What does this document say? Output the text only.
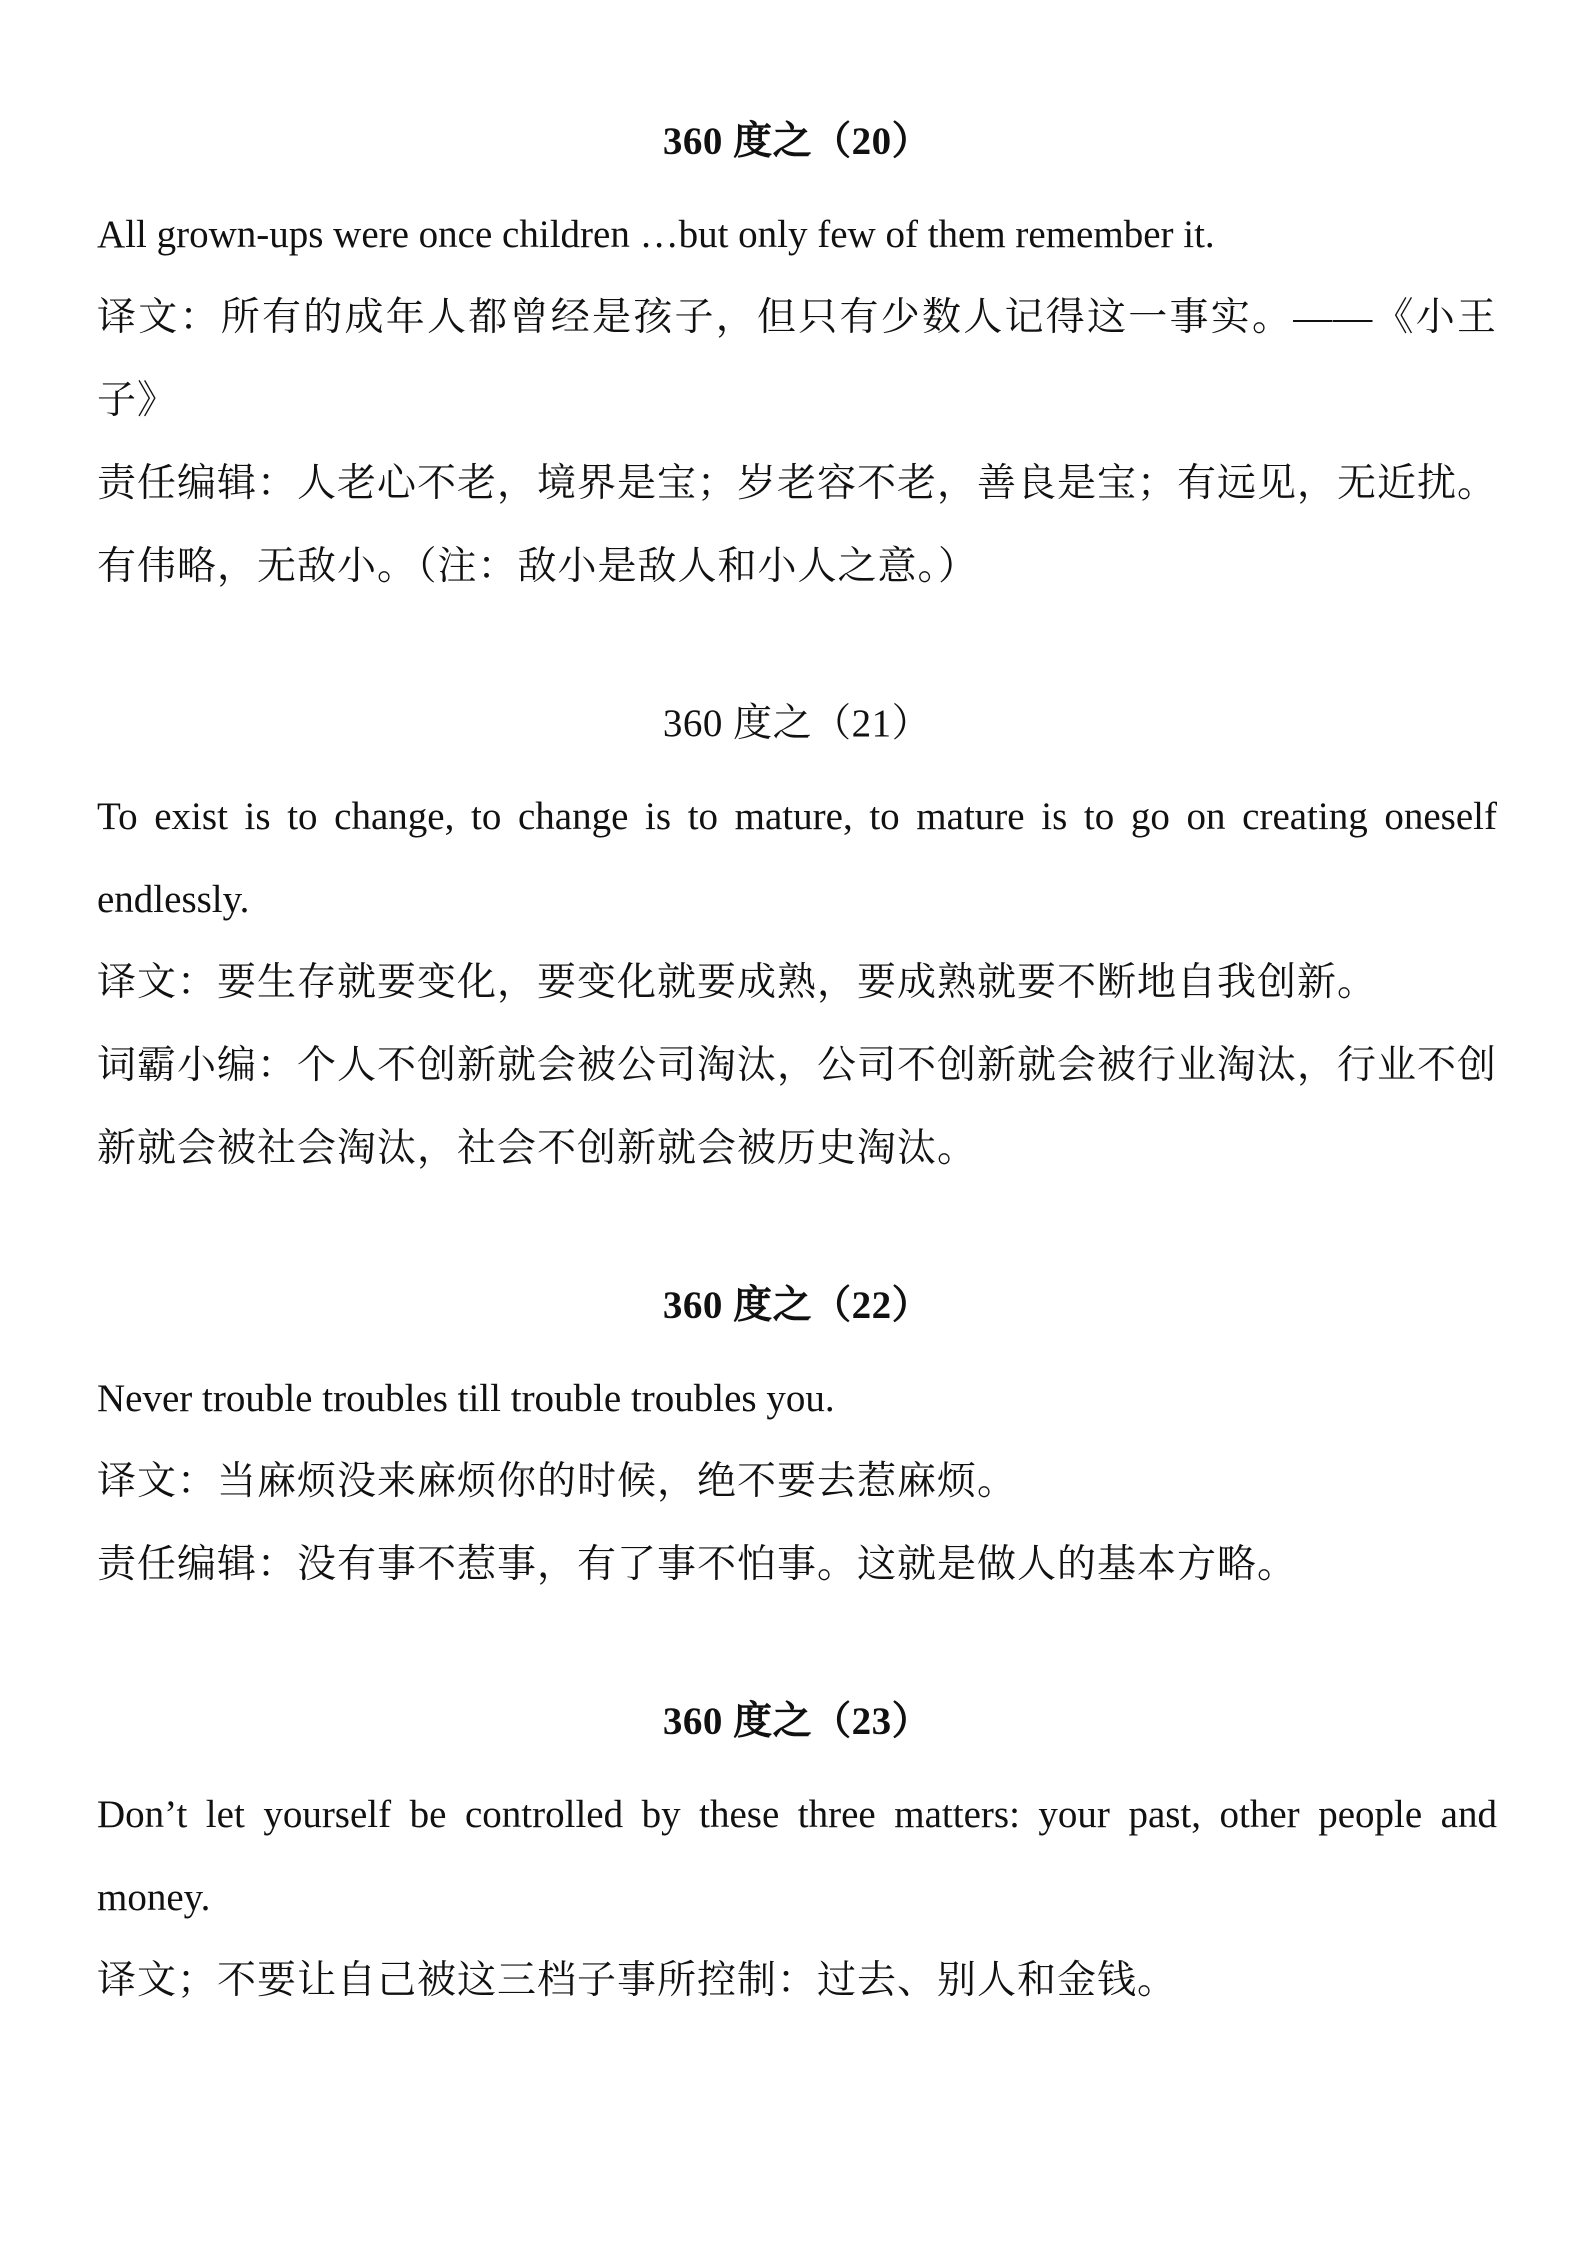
360 度之（20）

All grown-ups were once children …but only few of them remember it.

译文：所有的成年人都曾经是孩子，但只有少数人记得这一事实。——《小王子》

责任编辑：人老心不老，境界是宝；岁老容不老，善良是宝；有远见，无近扰。有伟略，无敌小。（注：敌小是敌人和小人之意。）

360 度之（21）

To exist is to change, to change is to mature, to mature is to go on creating oneself endlessly.

译文：要生存就要变化，要变化就要成熟，要成熟就要不断地自我创新。

词霸小编：个人不创新就会被公司淘汰，公司不创新就会被行业淘汰，行业不创新就会被社会淘汰，社会不创新就会被历史淘汰。

360 度之（22）

Never trouble troubles till trouble troubles you.

译文：当麻烦没来麻烦你的时候，绝不要去惹麻烦。

责任编辑：没有事不惹事，有了事不怕事。这就是做人的基本方略。

360 度之（23）

Don’t let yourself be controlled by these three matters: your past, other people and money.

译文；不要让自己被这三档子事所控制：过去、别人和金钱。
